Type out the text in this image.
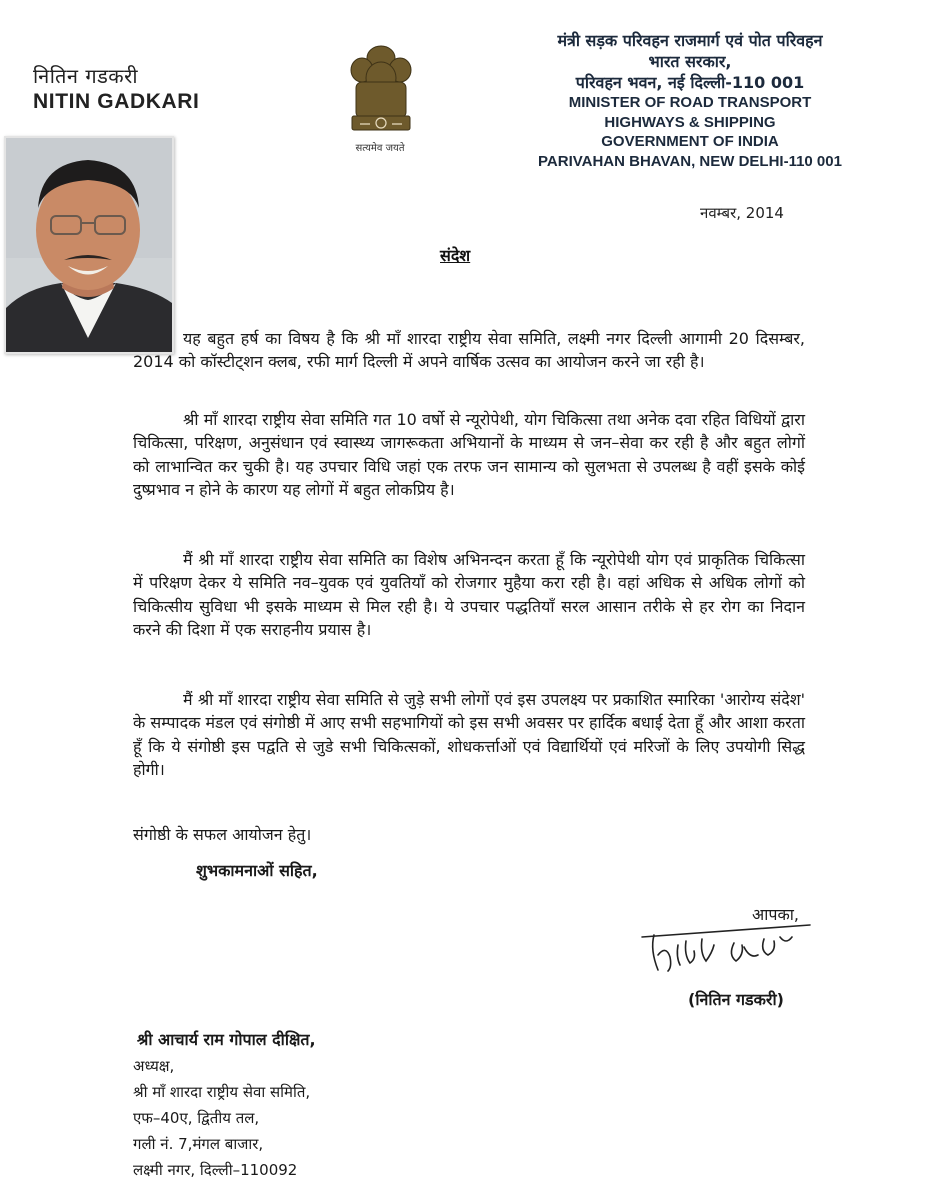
नितिन गडकरी
NITIN GADKARI
सत्यमेव जयते
मंत्री सड़क परिवहन राजमार्ग एवं पोत परिवहन
भारत सरकार,
परिवहन भवन, नई दिल्ली-110 001
MINISTER OF ROAD TRANSPORT
HIGHWAYS & SHIPPING
GOVERNMENT OF INDIA
PARIVAHAN BHAVAN, NEW DELHI-110 001
नवम्बर, 2014
संदेश
यह बहुत हर्ष का विषय है कि श्री माँ शारदा राष्ट्रीय सेवा समिति, लक्ष्मी नगर दिल्ली आगामी 20 दिसम्बर, 2014 को कॉस्टीट्शन क्लब, रफी मार्ग दिल्ली में अपने वार्षिक उत्सव का आयोजन करने जा रही है।
श्री माँ शारदा राष्ट्रीय सेवा समिति गत 10 वर्षो से न्यूरोपेथी, योग चिकित्सा तथा अनेक दवा रहित विधियों द्वारा चिकित्सा, परिक्षण, अनुसंधान एवं स्वास्थ्य जागरूकता अभियानों के माध्यम से जन–सेवा कर रही है और बहुत लोगों को लाभान्वित कर चुकी है। यह उपचार विधि जहां एक तरफ जन सामान्य को सुलभता से उपलब्ध है वहीं इसके कोई दुष्प्रभाव न होने के कारण यह लोगों में बहुत लोकप्रिय है।
मैं श्री माँ शारदा राष्ट्रीय सेवा समिति का विशेष अभिनन्दन करता हूँ कि न्यूरोपेथी योग एवं प्राकृतिक चिकित्सा में परिक्षण देकर ये समिति नव–युवक एवं युवतियाँ को रोजगार मुहैया करा रही है। वहां अधिक से अधिक लोगों को चिकित्सीय सुविधा भी इसके माध्यम से मिल रही है। ये उपचार पद्धतियाँ सरल आसान तरीके से हर रोग का निदान करने की दिशा में एक सराहनीय प्रयास है।
मैं श्री माँ शारदा राष्ट्रीय सेवा समिति से जुड़े सभी लोगों एवं इस उपलक्ष्य पर प्रकाशित स्मारिका 'आरोग्य संदेश' के सम्पादक मंडल एवं संगोष्ठी में आए सभी सहभागियों को इस सभी अवसर पर हार्दिक बधाई देता हूँ और आशा करता हूँ कि ये संगोष्ठी इस पद्वति से जुडे सभी चिकित्सकों, शोधकर्त्ताओं एवं विद्यार्थियों एवं मरिजों के लिए उपयोगी सिद्ध होगी।
संगोष्ठी के सफल आयोजन हेतु।
शुभकामनाओं सहित,
आपका,
(नितिन गडकरी)
श्री आचार्य राम गोपाल दीक्षित,
अध्यक्ष,
श्री माँ शारदा राष्ट्रीय सेवा समिति,
एफ–40ए, द्वितीय तल,
गली नं. 7,मंगल बाजार,
लक्ष्मी नगर, दिल्ली–110092
